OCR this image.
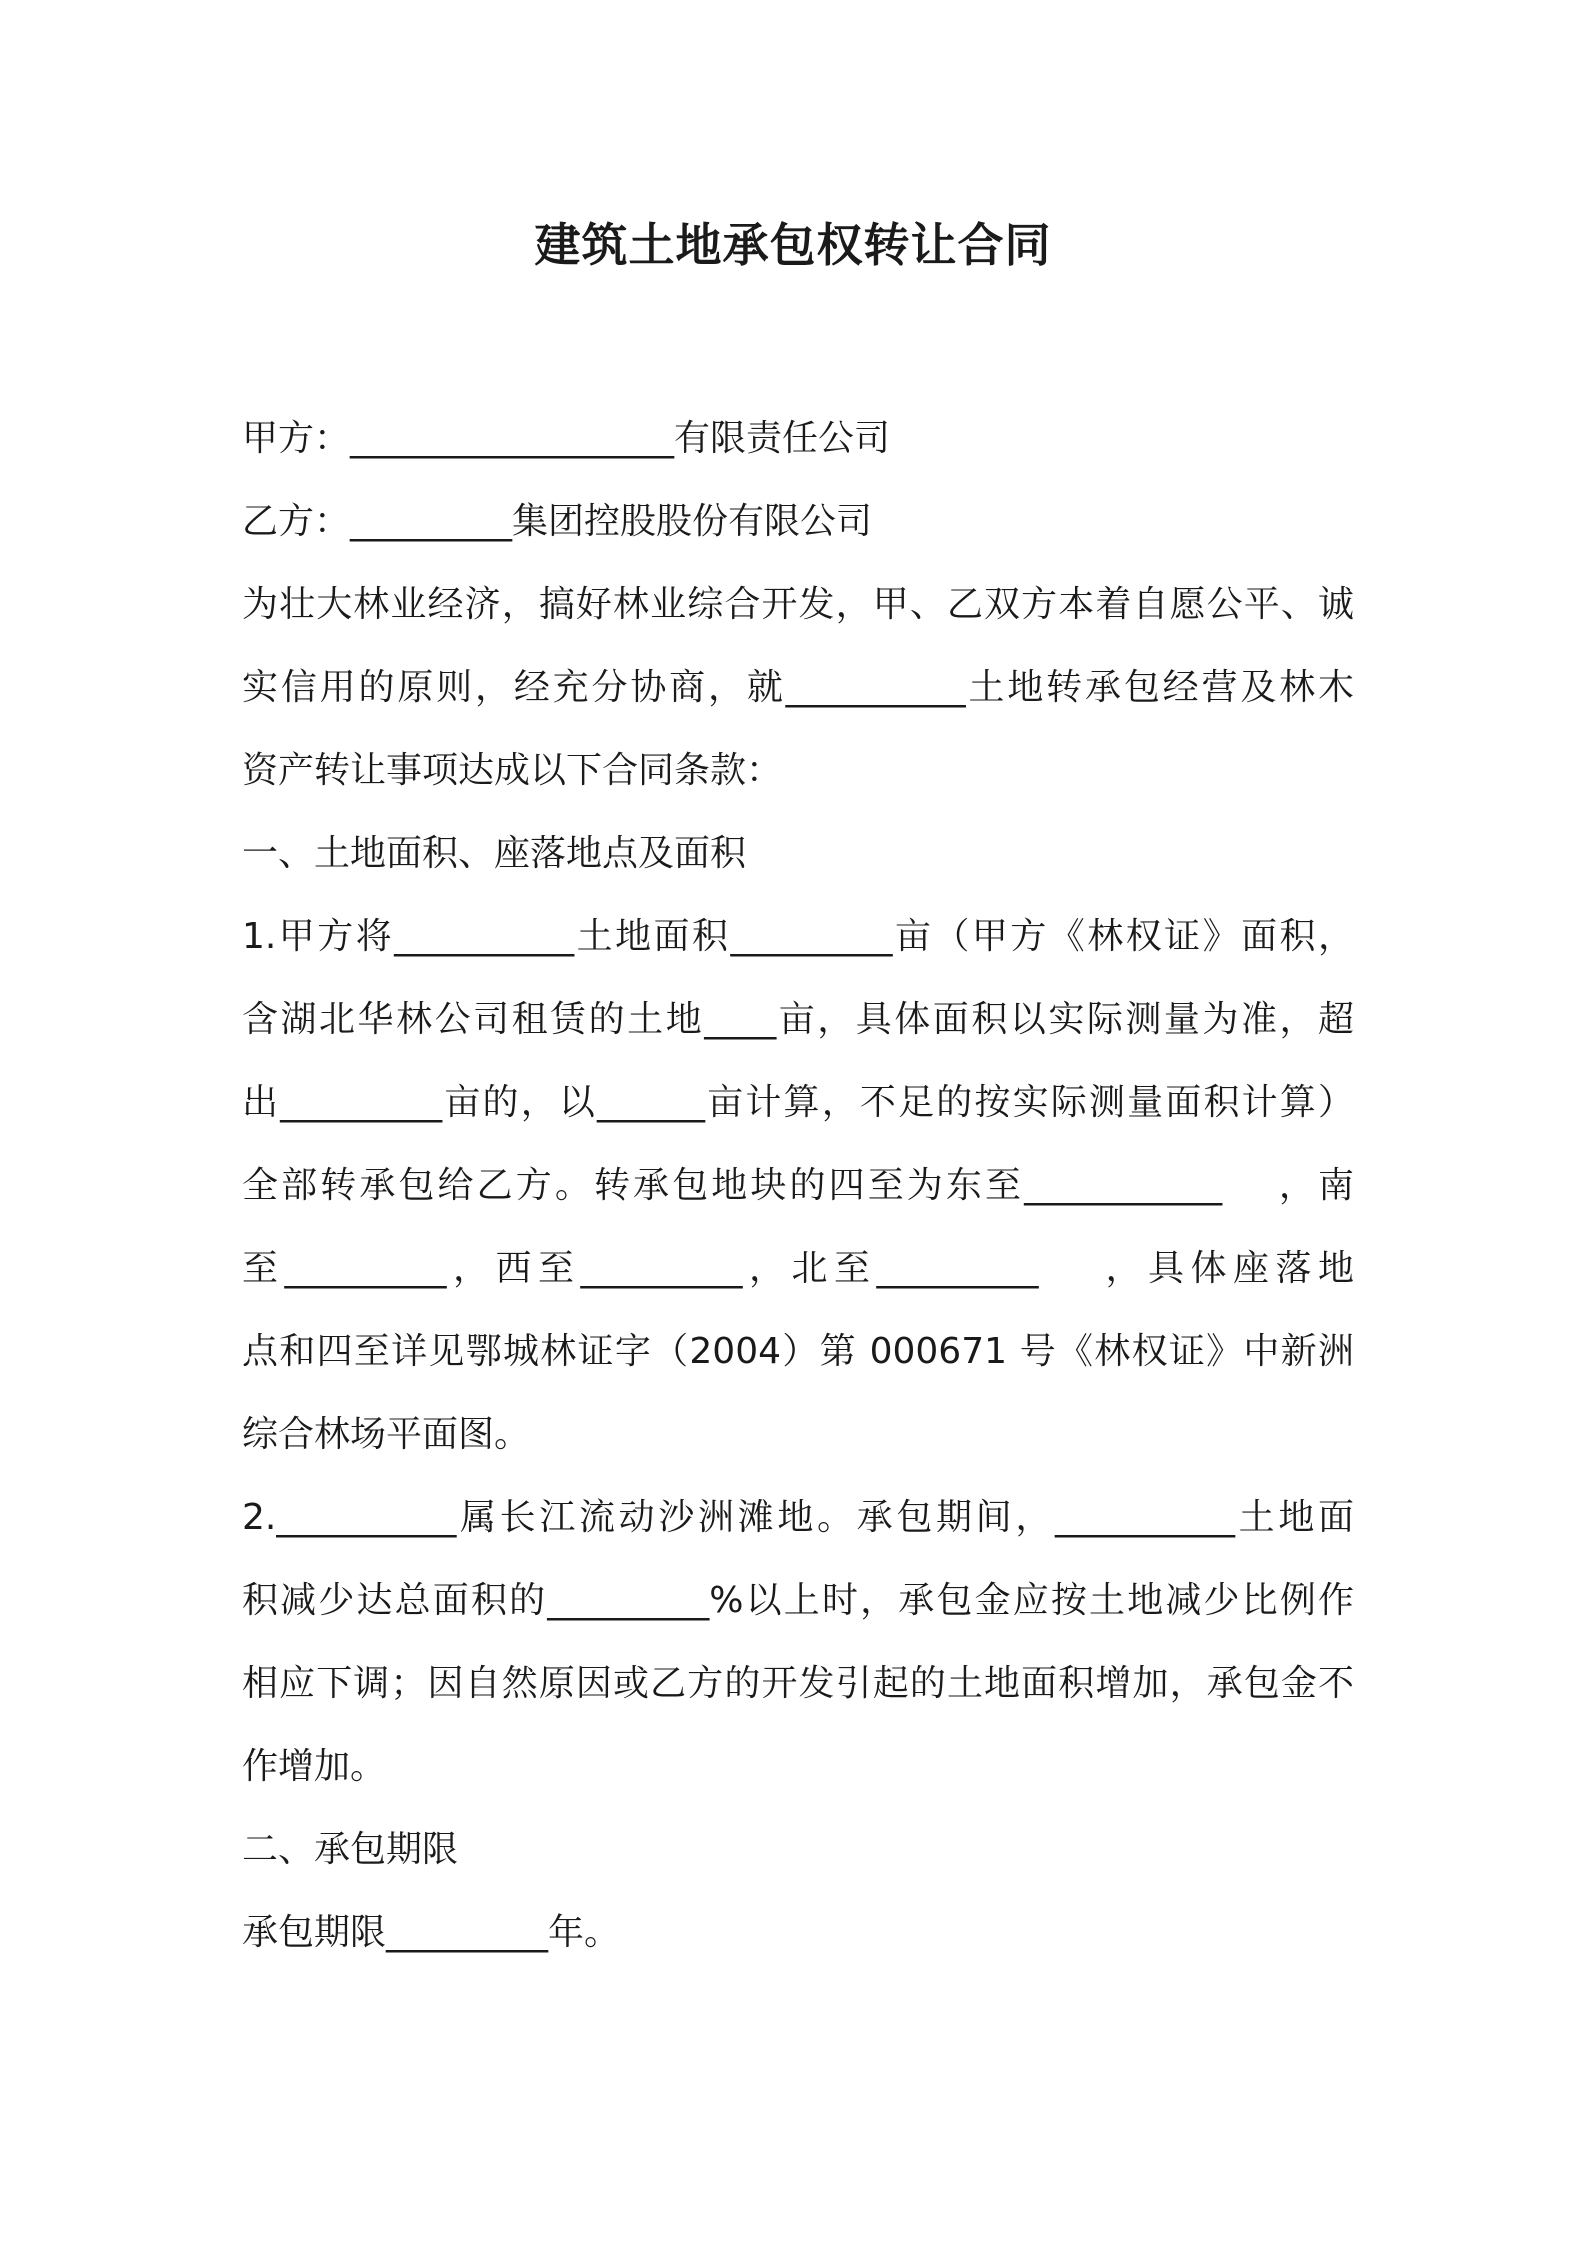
建筑土地承包权转让合同
甲方：__________________有限责任公司
乙方：_________集团控股股份有限公司
为壮大林业经济，搞好林业综合开发，甲、乙双方本着自愿公平、诚
实信用的原则，经充分协商，就__________土地转承包经营及林木
资产转让事项达成以下合同条款：
一、土地面积、座落地点及面积
1.甲方将__________土地面积_________亩（甲方《林权证》面积，
含湖北华林公司租赁的土地____亩，具体面积以实际测量为准，超
出_________亩的，以______亩计算，不足的按实际测量面积计算）
全部转承包给乙方。转承包地块的四至为东至___________　 ，南
至_________，西至_________，北至_________　 ，具体座落地
点和四至详见鄂城林证字（2004）第 000671 号《林权证》中新洲
综合林场平面图。
2.__________属长江流动沙洲滩地。承包期间，__________土地面
积减少达总面积的_________%以上时，承包金应按土地减少比例作
相应下调；因自然原因或乙方的开发引起的土地面积增加，承包金不
作增加。
二、承包期限
承包期限_________年。
